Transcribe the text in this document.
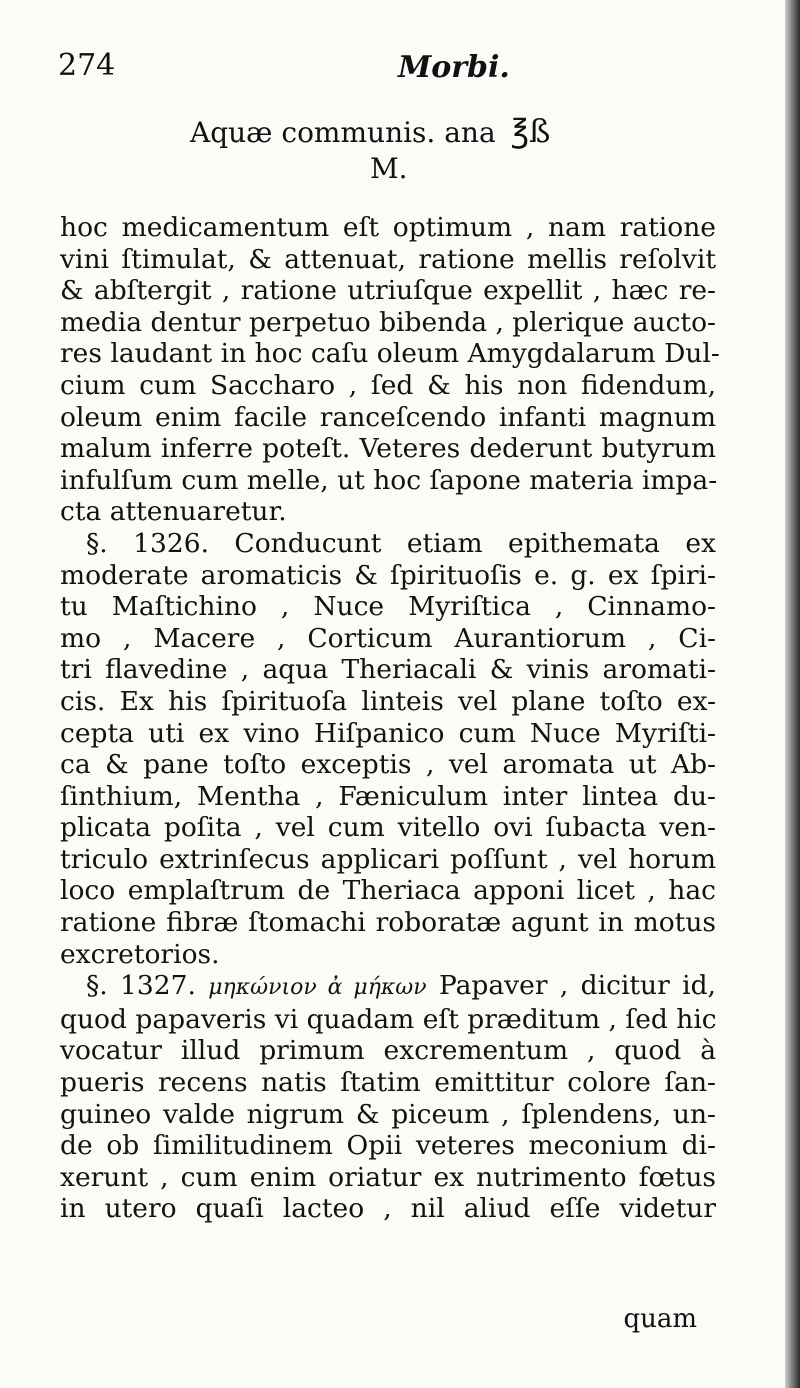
274	Morbi.
Aquæ communis. ana ℥ß
M.
hoc medicamentum eſt optimum , nam ratione
vini ſtimulat, & attenuat, ratione mellis reſolvit
& abſtergit , ratione utriuſque expellit , hæc re-
media dentur perpetuo bibenda , plerique aucto-
res laudant in hoc caſu oleum Amygdalarum Dul-
cium cum Saccharo , ſed & his non fidendum,
oleum enim facile ranceſcendo infanti magnum
malum inferre poteſt. Veteres dederunt butyrum
infulſum cum melle, ut hoc ſapone materia impa-
cta attenuaretur.
§. 1326. Conducunt etiam epithemata ex
moderate aromaticis & ſpirituoſis e. g. ex ſpiri-
tu Maſtichino , Nuce Myriſtica , Cinnamo-
mo , Macere , Corticum Aurantiorum , Ci-
tri flavedine , aqua Theriacali & vinis aromati-
cis. Ex his ſpirituoſa linteis vel plane toſto ex-
cepta uti ex vino Hiſpanico cum Nuce Myriſti-
ca & pane toſto exceptis , vel aromata ut Ab-
ſinthium, Mentha , Fæniculum inter lintea du-
plicata poſita , vel cum vitello ovi ſubacta ven-
triculo extrinſecus applicari poſſunt , vel horum
loco emplaſtrum de Theriaca apponi licet , hac
ratione fibræ ſtomachi roboratæ agunt in motus
excretorios.
§. 1327. μηκώνιον ἀ μήκων Papaver , dicitur id,
quod papaveris vi quadam eſt præditum , ſed hic
vocatur illud primum excrementum , quod à
pueris recens natis ſtatim emittitur colore ſan-
guineo valde nigrum & piceum , ſplendens, un-
de ob ſimilitudinem Opii veteres meconium di-
xerunt , cum enim oriatur ex nutrimento fœtus
in utero quaſi lacteo , nil aliud eſſe videtur
quam
